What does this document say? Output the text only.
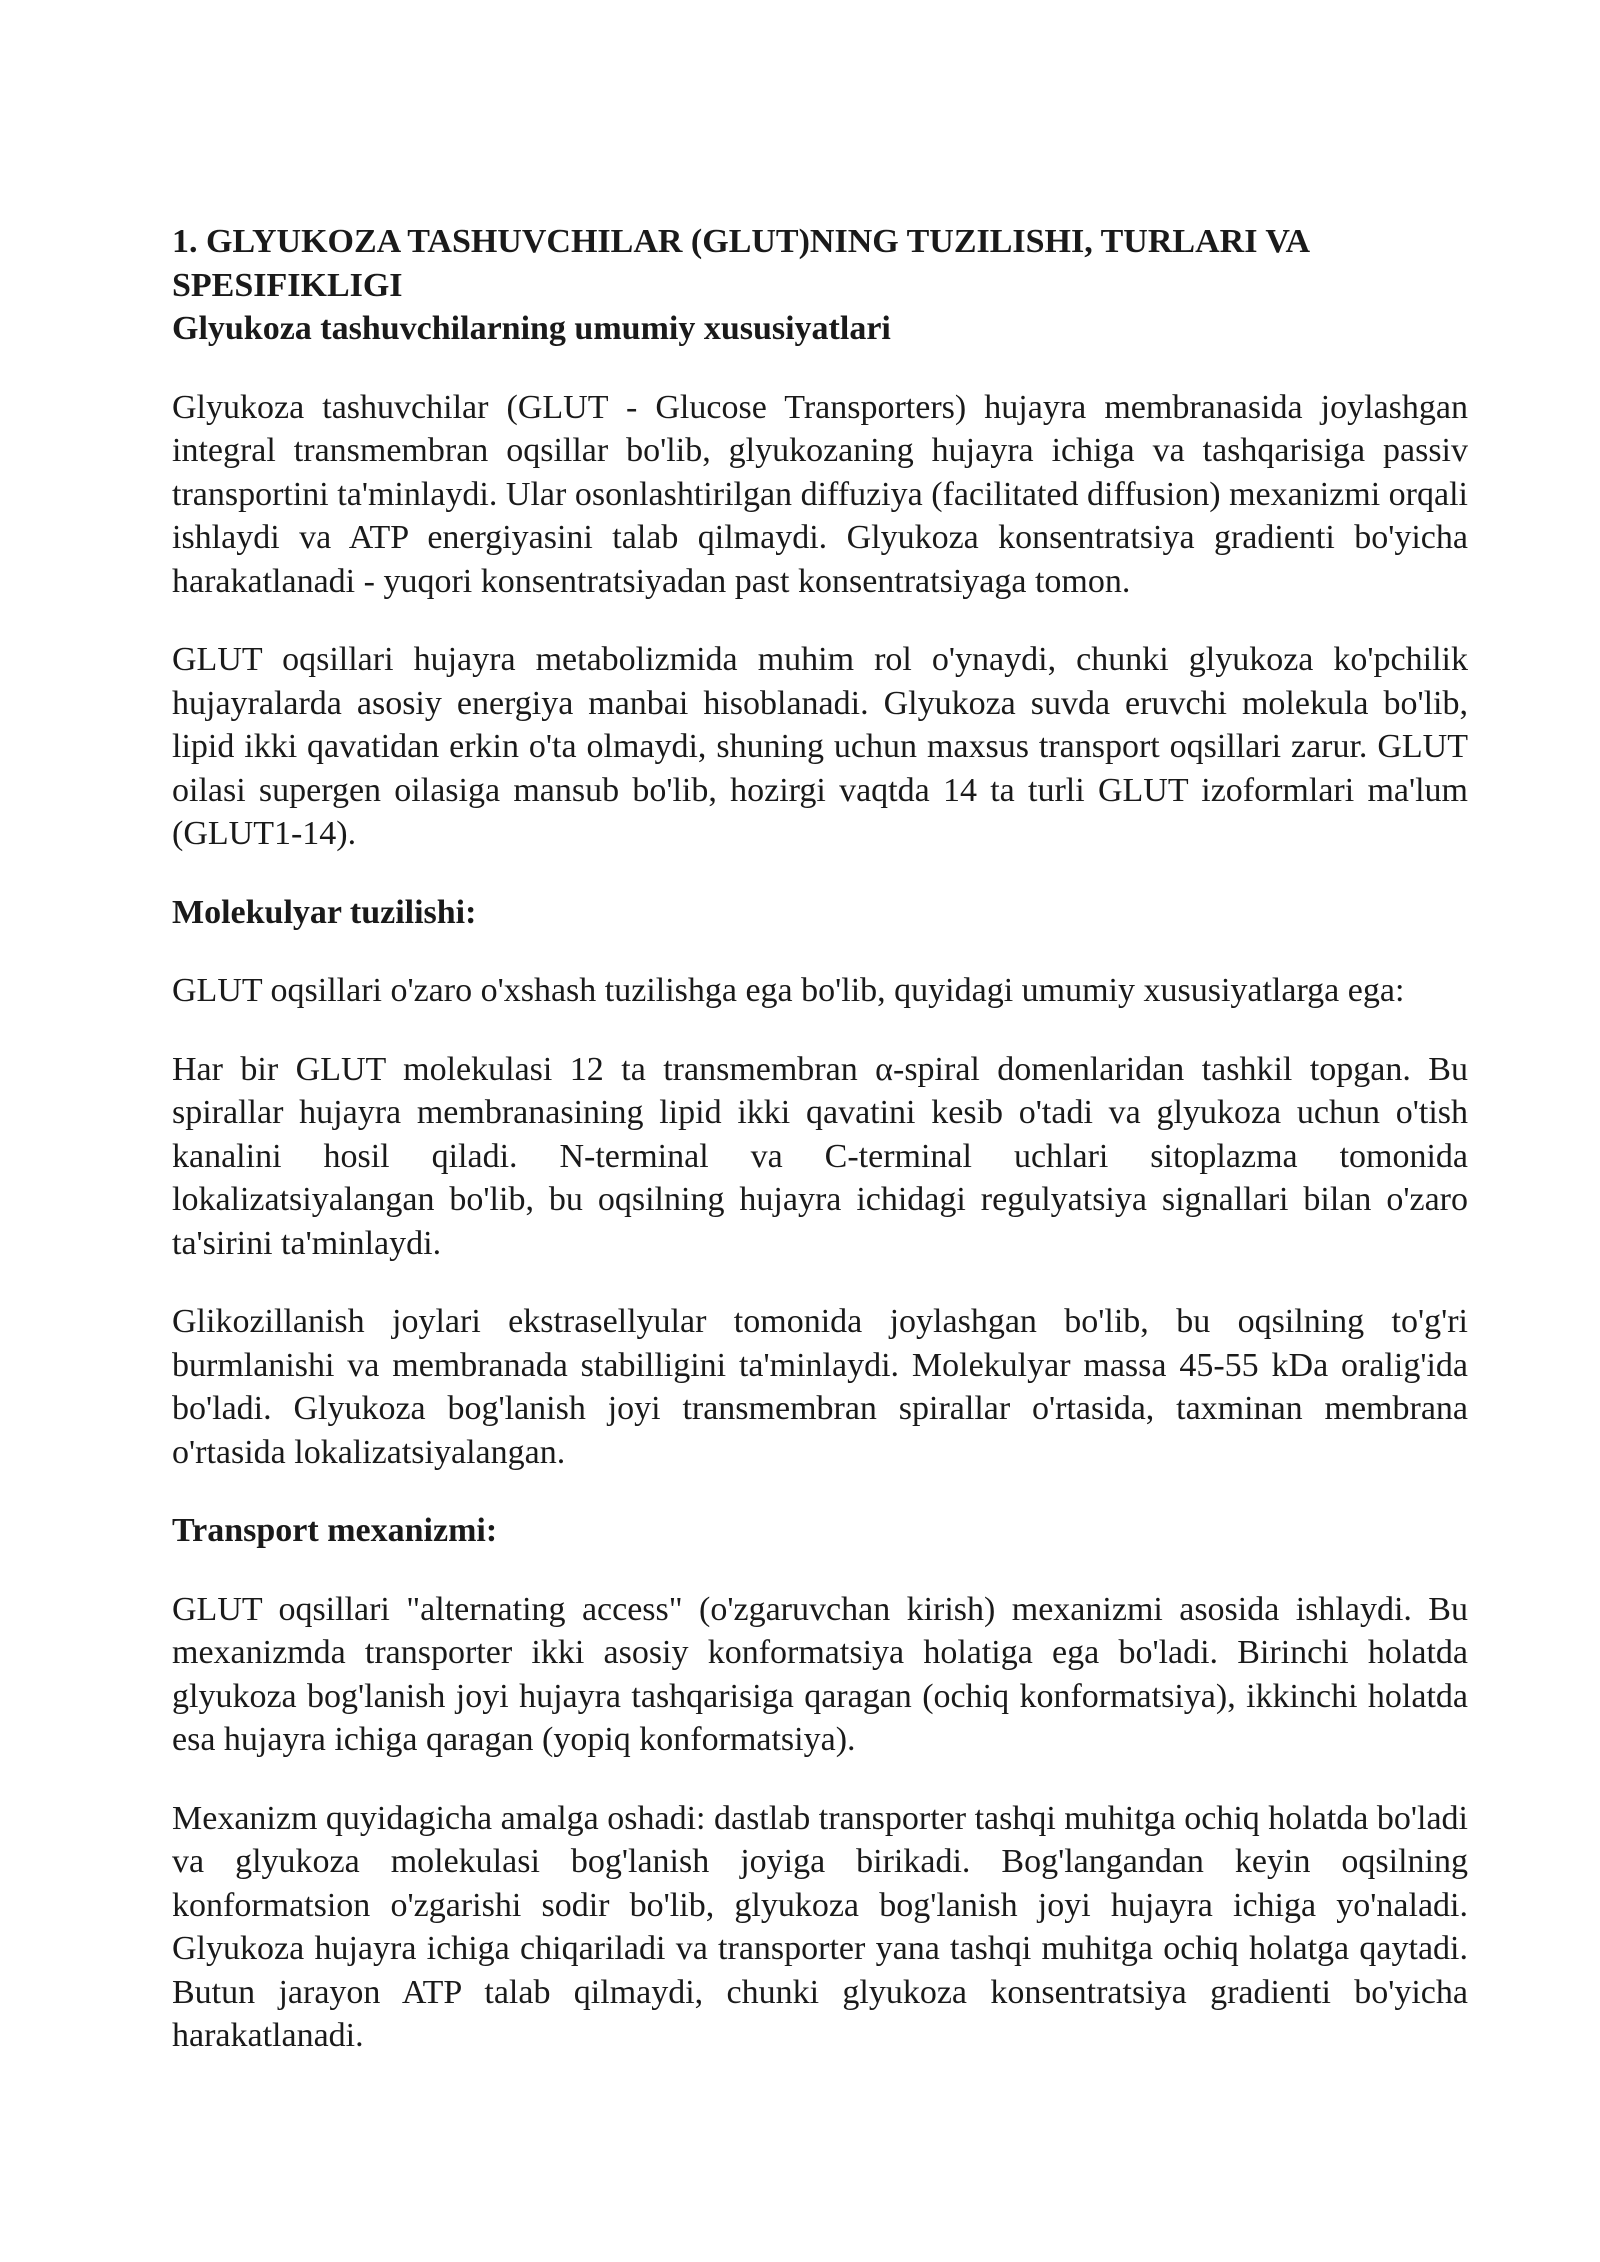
1. GLYUKOZA TASHUVCHILAR (GLUT)NING TUZILISHI, TURLARI VA SPESIFIKLIGI
Glyukoza tashuvchilarning umumiy xususiyatlari

Glyukoza tashuvchilar (GLUT - Glucose Transporters) hujayra membranasida joylashgan integral transmembran oqsillar bo'lib, glyukozaning hujayra ichiga va tashqarisiga passiv transportini ta'minlaydi. Ular osonlashtirilgan diffuziya (facilitated diffusion) mexanizmi orqali ishlaydi va ATP energiyasini talab qilmaydi. Glyukoza konsentratsiya gradienti bo'yicha harakatlanadi - yuqori konsentratsiyadan past konsentratsiyaga tomon.

GLUT oqsillari hujayra metabolizmida muhim rol o'ynaydi, chunki glyukoza ko'pchilik hujayralarda asosiy energiya manbai hisoblanadi. Glyukoza suvda eruvchi molekula bo'lib, lipid ikki qavatidan erkin o'ta olmaydi, shuning uchun maxsus transport oqsillari zarur. GLUT oilasi supergen oilasiga mansub bo'lib, hozirgi vaqtda 14 ta turli GLUT izoformlari ma'lum (GLUT1-14).

Molekulyar tuzilishi:

GLUT oqsillari o'zaro o'xshash tuzilishga ega bo'lib, quyidagi umumiy xususiyatlarga ega:

Har bir GLUT molekulasi 12 ta transmembran α-spiral domenlaridan tashkil topgan. Bu spirallar hujayra membranasining lipid ikki qavatini kesib o'tadi va glyukoza uchun o'tish kanalini hosil qiladi. N-terminal va C-terminal uchlari sitoplazma tomonida lokalizatsiyalangan bo'lib, bu oqsilning hujayra ichidagi regulyatsiya signallari bilan o'zaro ta'sirini ta'minlaydi.

Glikozillanish joylari ekstrasellyular tomonida joylashgan bo'lib, bu oqsilning to'g'ri burmlanishi va membranada stabilligini ta'minlaydi. Molekulyar massa 45-55 kDa oralig'ida bo'ladi. Glyukoza bog'lanish joyi transmembran spirallar o'rtasida, taxminan membrana o'rtasida lokalizatsiyalangan.

Transport mexanizmi:

GLUT oqsillari "alternating access" (o'zgaruvchan kirish) mexanizmi asosida ishlaydi. Bu mexanizmda transporter ikki asosiy konformatsiya holatiga ega bo'ladi. Birinchi holatda glyukoza bog'lanish joyi hujayra tashqarisiga qaragan (ochiq konformatsiya), ikkinchi holatda esa hujayra ichiga qaragan (yopiq konformatsiya).

Mexanizm quyidagicha amalga oshadi: dastlab transporter tashqi muhitga ochiq holatda bo'ladi va glyukoza molekulasi bog'lanish joyiga birikadi. Bog'langandan keyin oqsilning konformatsion o'zgarishi sodir bo'lib, glyukoza bog'lanish joyi hujayra ichiga yo'naladi. Glyukoza hujayra ichiga chiqariladi va transporter yana tashqi muhitga ochiq holatga qaytadi. Butun jarayon ATP talab qilmaydi, chunki glyukoza konsentratsiya gradienti bo'yicha harakatlanadi.
